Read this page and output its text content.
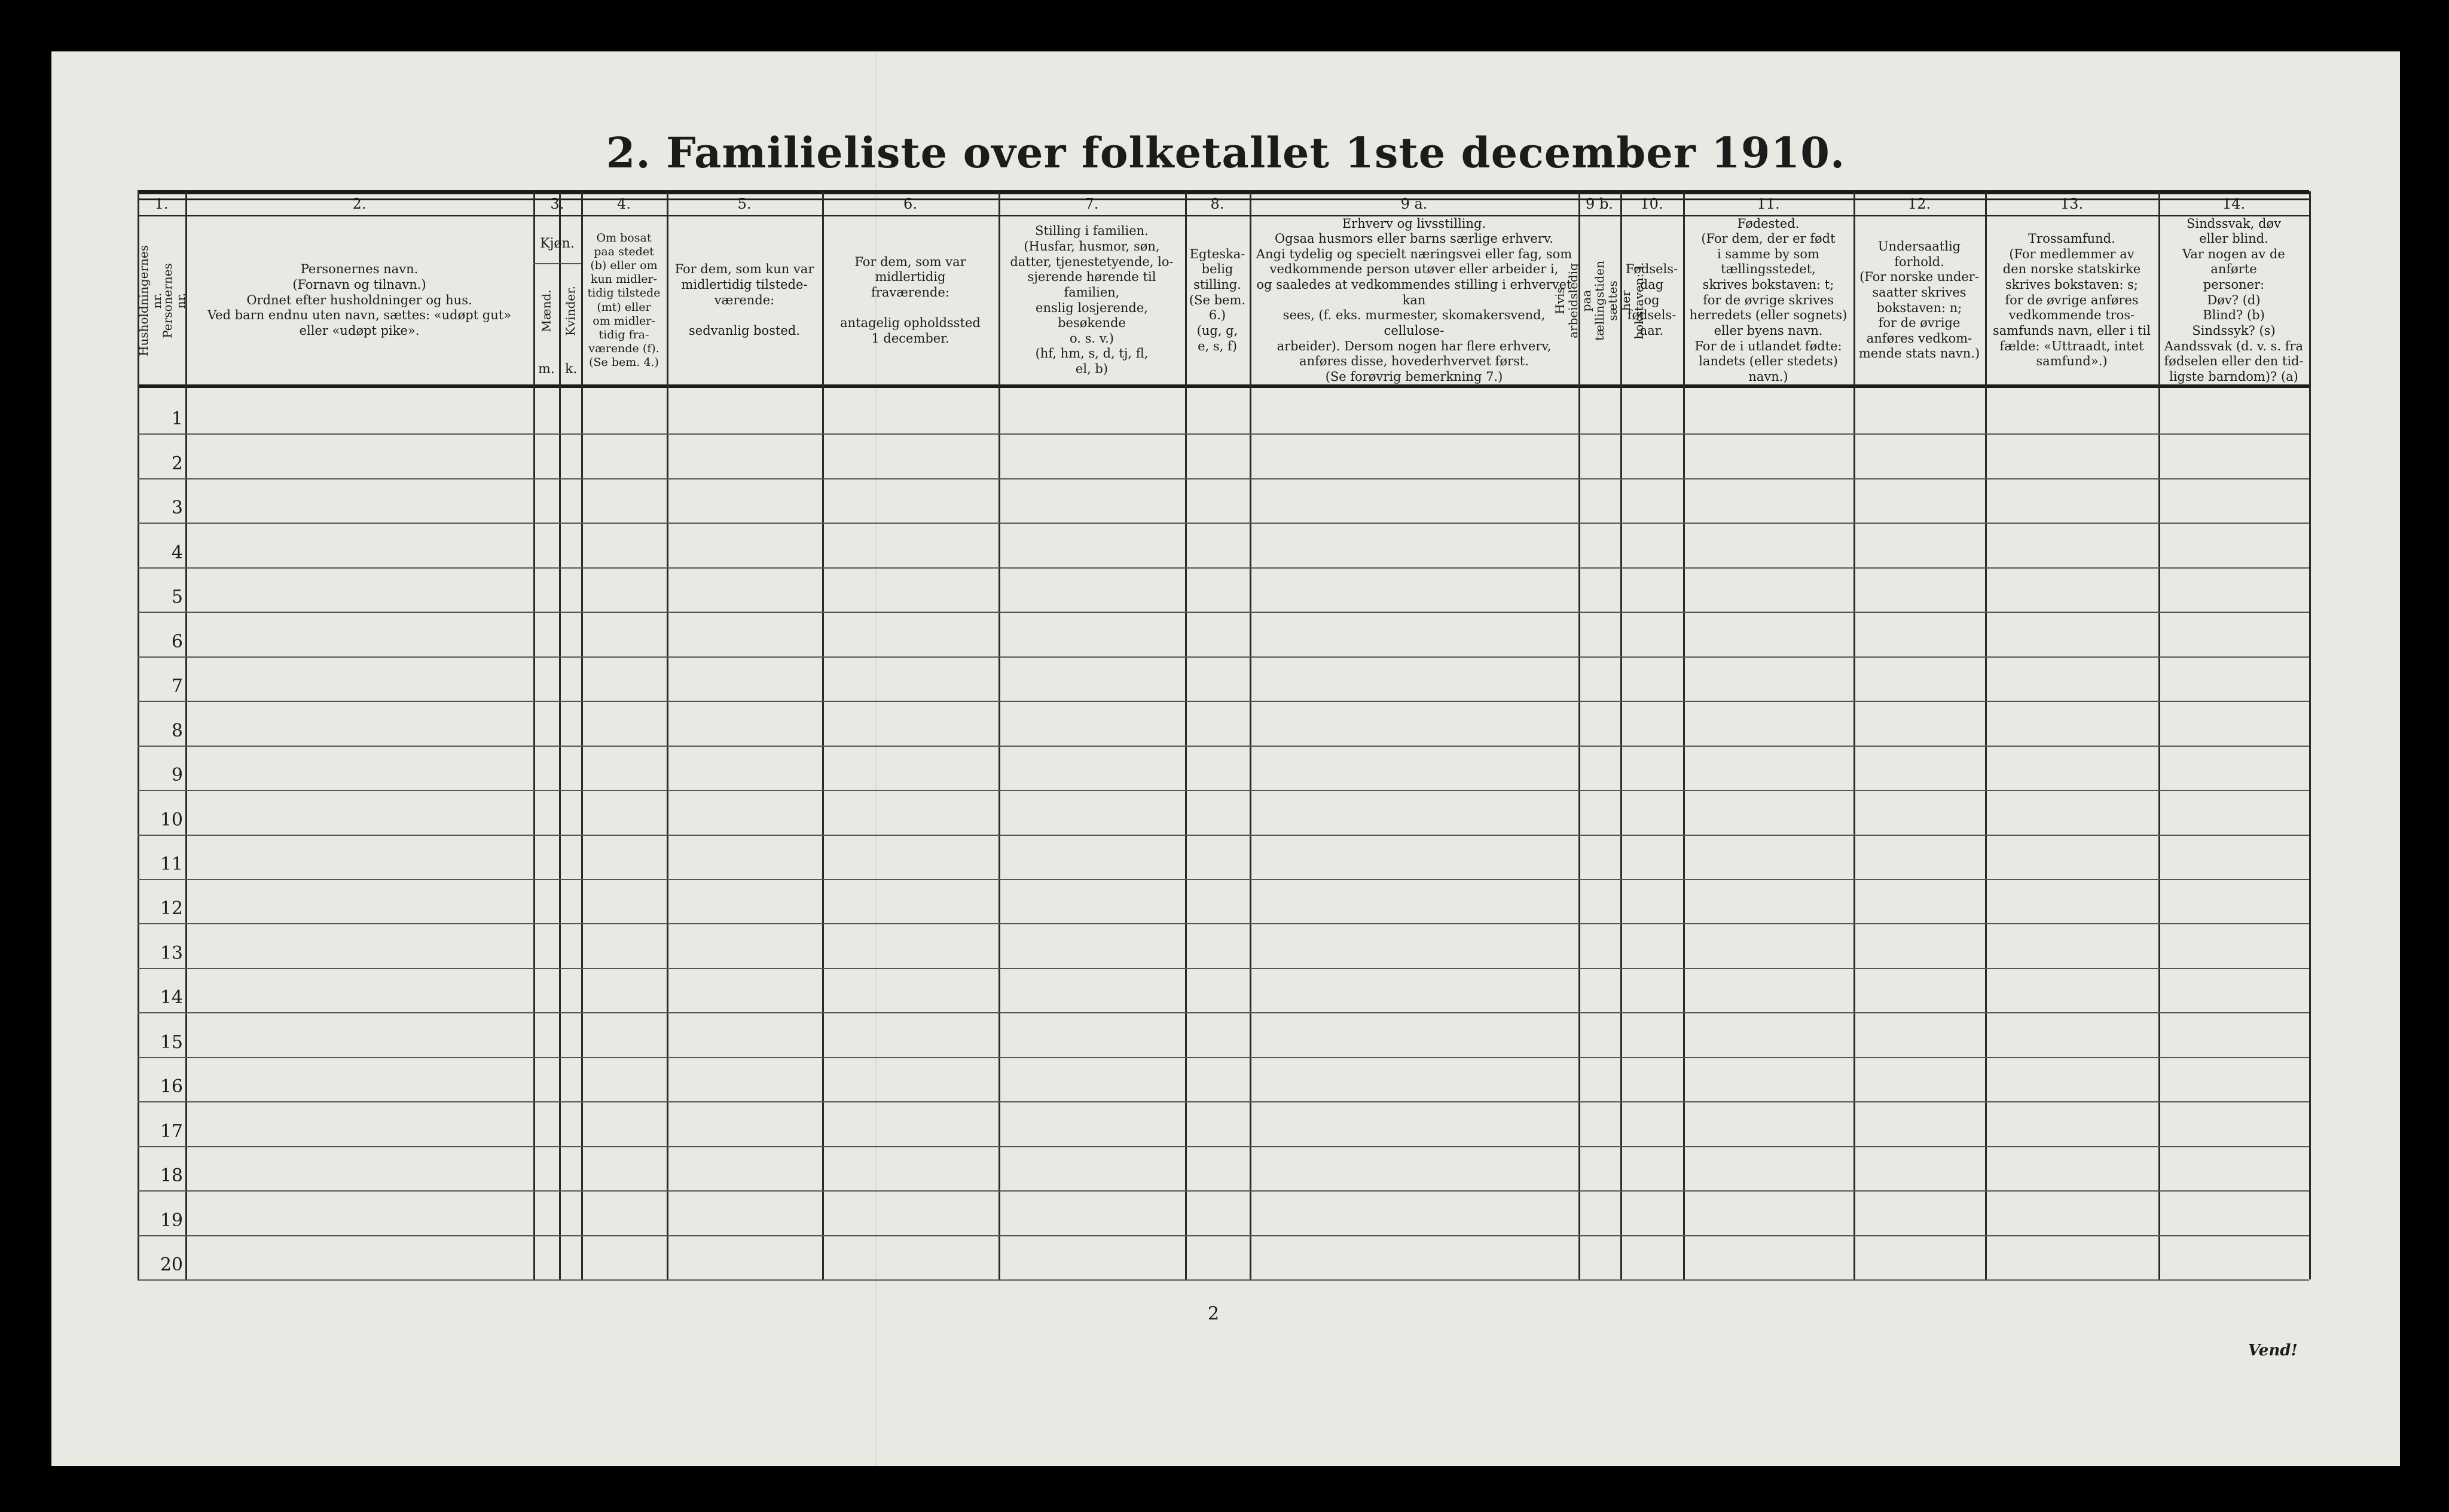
2. Familieliste over folketallet 1ste december 1910.
1.	2.	3.	4.	5.	6.	7.	8.	9 a.	9 b.	10.	11.	12.	13.	14.
Husholdningernes nr.
Personernes nr.
Personernes navn.
(Fornavn og tilnavn.)
Ordnet efter husholdninger og hus.
Ved barn endnu uten navn, sættes: «udøpt gut»
eller «udøpt pike».
Kjøn.
Mænd. Kvinder.
m. k.
Om bosat
paa stedet
(b) eller om
kun midler-
tidig tilstede
(mt) eller
om midler-
tidig fra-
værende (f).
(Se bem. 4.)
For dem, som kun var
midlertidig tilstede-
værende:

sedvanlig bosted.
For dem, som var
midlertidig
fraværende:

antagelig opholdssted
1 december.
Stilling i familien.
(Husfar, husmor, søn,
datter, tjenestetyende, lo-
sjerende hørende til familien,
enslig losjerende, besøkende
o. s. v.)
(hf, hm, s, d, tj, fl,
el, b)
Egteska-
belig
stilling.
(Se bem. 6.)
(ug, g,
e, s, f)
Erhverv og livsstilling.
Ogsaa husmors eller barns særlige erhverv.
Angi tydelig og specielt næringsvei eller fag, som
vedkommende person utøver eller arbeider i,
og saaledes at vedkommendes stilling i erhvervet kan
sees, (f. eks. murmester, skomakersvend, cellulose-
arbeider). Dersom nogen har flere erhverv,
anføres disse, hovederhvervet først.
(Se forøvrig bemerkning 7.)
Hvis arbeidsledig
paa tællingstiden sættes
her bokstaven: l.
Fødsels-
dag
og
fødsels-
aar.
Fødested.
(For dem, der er født
i samme by som
tællingsstedet,
skrives bokstaven: t;
for de øvrige skrives
herredets (eller sognets)
eller byens navn.
For de i utlandet fødte:
landets (eller stedets)
navn.)
Undersaatlig
forhold.
(For norske under-
saatter skrives
bokstaven: n;
for de øvrige
anføres vedkom-
mende stats navn.)
Trossamfund.
(For medlemmer av
den norske statskirke
skrives bokstaven: s;
for de øvrige anføres
vedkommende tros-
samfunds navn, eller i til
fælde: «Uttraadt, intet
samfund».)
Sindssvak, døv
eller blind.
Var nogen av de anførte
personer:
Døv? (d)
Blind? (b)
Sindssyk? (s)
Aandssvak (d. v. s. fra
fødselen eller den tid-
ligste barndom)? (a)
1
2
3
4
5
6
7
8
9
10
11
12
13
14
15
16
17
18
19
20
2
Vend!
